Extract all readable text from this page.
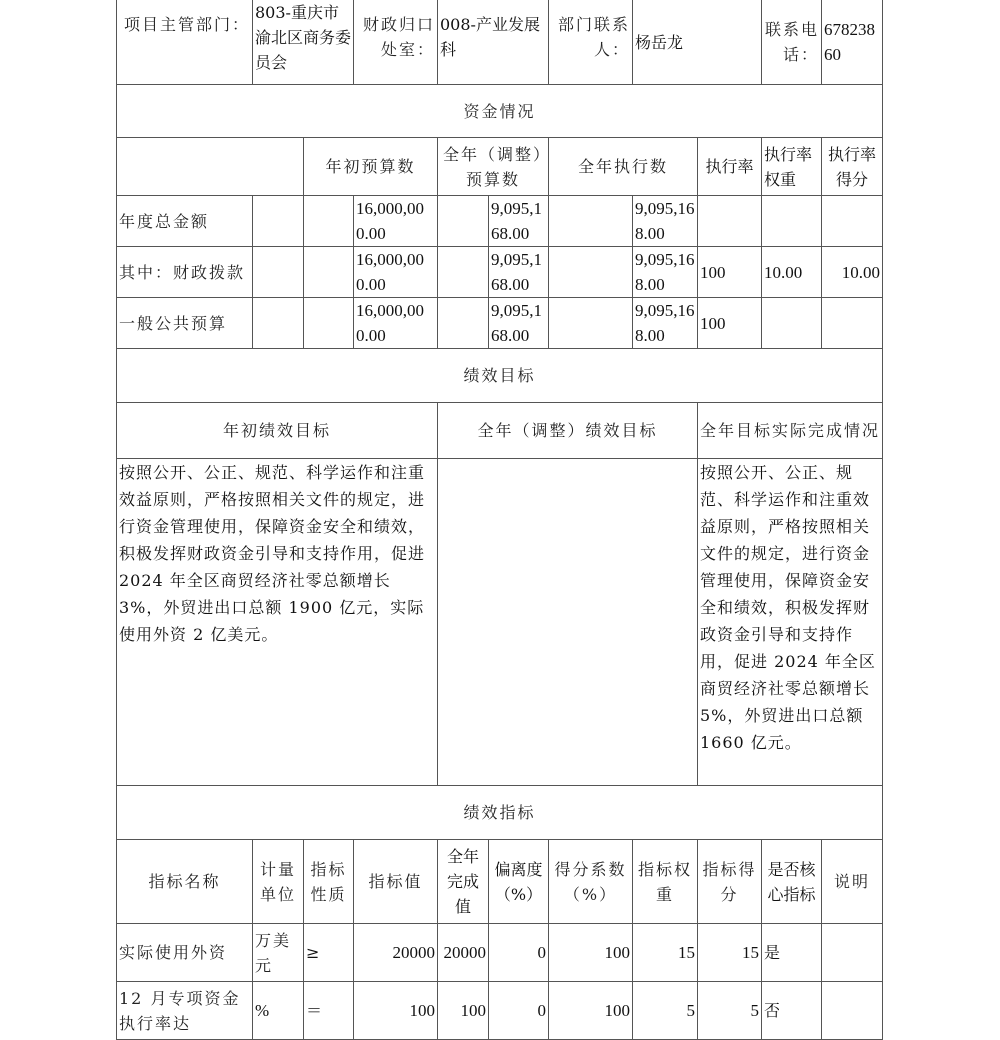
项目主管部门：	803-重庆市渝北区商务委员会		财政归口处室：	008-产业发展科		部门联系人：	杨岳龙		联系电话：	67823860
资金情况										
		年初预算数		全年（调整）预算数		全年执行数		执行率	执行率权重	执行率得分
年度总金额			16,000,000.00		9,095,168.00		9,095,168.00			
其中：财政拨款			16,000,000.00		9,095,168.00		9,095,168.00	100	10.00	10.00
一般公共预算			16,000,000.00		9,095,168.00		9,095,168.00	100		
绩效目标										
年初绩效目标				全年（调整）绩效目标				全年目标实际完成情况		
按照公开、公正、规范、科学运作和注重效益原则，严格按照相关文件的规定，进行资金管理使用，保障资金安全和绩效，积极发挥财政资金引导和支持作用，促进 2024 年全区商贸经济社零总额增长 3%，外贸进出口总额 1900 亿元，实际使用外资 2 亿美元。								按照公开、公正、规范、科学运作和注重效益原则，严格按照相关文件的规定，进行资金管理使用，保障资金安全和绩效，积极发挥财政资金引导和支持作用，促进 2024 年全区商贸经济社零总额增长 5%，外贸进出口总额 1660 亿元。		
绩效指标										
指标名称	计量单位	指标性质	指标值	全年完成值	偏离度（%）	得分系数（%）	指标权重	指标得分	是否核心指标	说明
实际使用外资	万美元	≥	20000	20000	0	100	15	15	是	
12 月专项资金执行率达	%	＝	100	100	0	100	5	5	否	
